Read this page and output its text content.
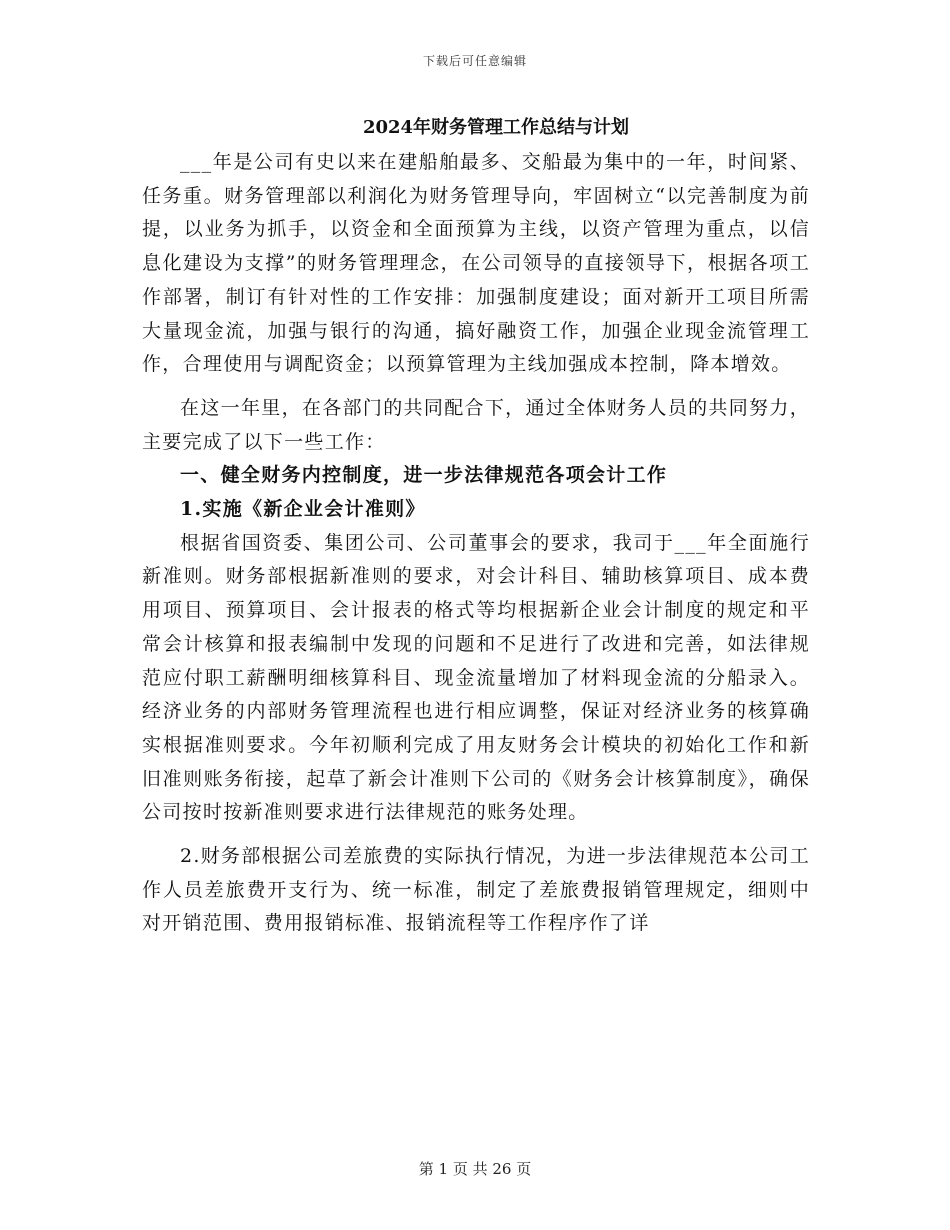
下载后可任意编辑
2024年财务管理工作总结与计划

___年是公司有史以来在建船舶最多、交船最为集中的一年，时间紧、任务重。财务管理部以利润化为财务管理导向，牢固树立“以完善制度为前提，以业务为抓手，以资金和全面预算为主线，以资产管理为重点，以信息化建设为支撑”的财务管理理念，在公司领导的直接领导下，根据各项工作部署，制订有针对性的工作安排：加强制度建设；面对新开工项目所需大量现金流，加强与银行的沟通，搞好融资工作，加强企业现金流管理工作，合理使用与调配资金；以预算管理为主线加强成本控制，降本增效。

在这一年里，在各部门的共同配合下，通过全体财务人员的共同努力，主要完成了以下一些工作：

一、健全财务内控制度，进一步法律规范各项会计工作

1.实施《新企业会计准则》

根据省国资委、集团公司、公司董事会的要求，我司于___年全面施行新准则。财务部根据新准则的要求，对会计科目、辅助核算项目、成本费用项目、预算项目、会计报表的格式等均根据新企业会计制度的规定和平常会计核算和报表编制中发现的问题和不足进行了改进和完善，如法律规范应付职工薪酬明细核算科目、现金流量增加了材料现金流的分船录入。经济业务的内部财务管理流程也进行相应调整，保证对经济业务的核算确实根据准则要求。今年初顺利完成了用友财务会计模块的初始化工作和新旧准则账务衔接，起草了新会计准则下公司的《财务会计核算制度》，确保公司按时按新准则要求进行法律规范的账务处理。

2.财务部根据公司差旅费的实际执行情况，为进一步法律规范本公司工作人员差旅费开支行为、统一标准，制定了差旅费报销管理规定，细则中对开销范围、费用报销标准、报销流程等工作程序作了详

第 1 页 共 26 页
